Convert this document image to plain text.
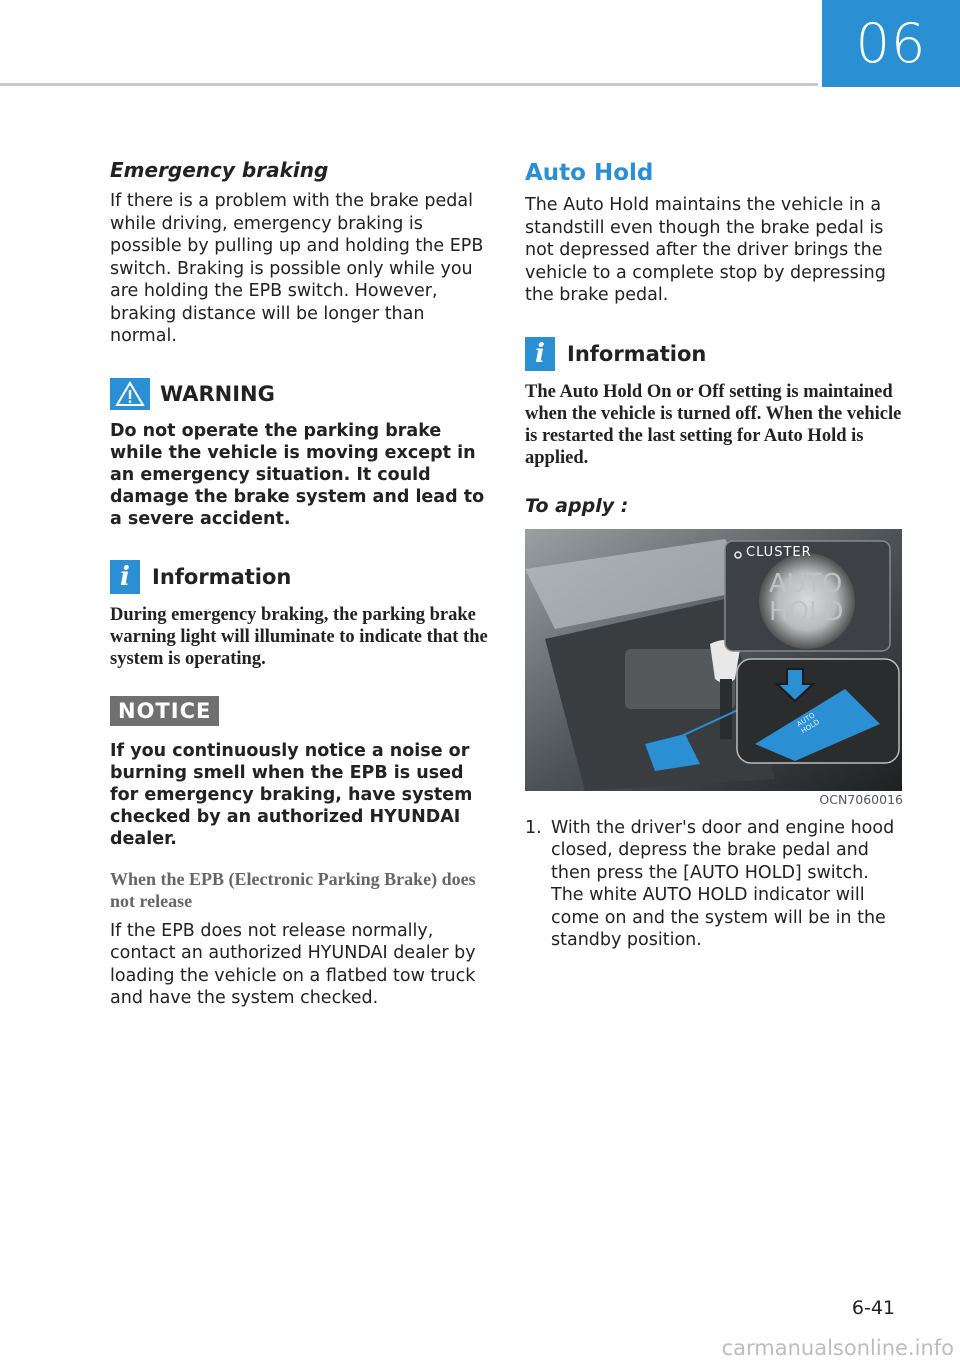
06
Emergency braking

If there is a problem with the brake pedal while driving, emergency braking is possible by pulling up and holding the EPB switch. Braking is possible only while you are holding the EPB switch. However, braking distance will be longer than normal.

WARNING

Do not operate the parking brake while the vehicle is moving except in an emergency situation. It could damage the brake system and lead to a severe accident.

i	Information

During emergency braking, the parking brake warning light will illuminate to indicate that the system is operating.

NOTICE

If you continuously notice a noise or burning smell when the EPB is used for emergency braking, have system checked by an authorized HYUNDAI dealer.

When the EPB (Electronic Parking Brake) does not release

If the EPB does not release normally, contact an authorized HYUNDAI dealer by loading the vehicle on a flatbed tow truck and have the system checked.

Auto Hold

The Auto Hold maintains the vehicle in a standstill even though the brake pedal is not depressed after the driver brings the vehicle to a complete stop by depressing the brake pedal.

i	Information

The Auto Hold On or Off setting is maintained when the vehicle is turned off. When the vehicle is restarted the last setting for Auto Hold is applied.

To apply :
CLUSTER
AUTO
HOLD
AUTO HOLD
OCN7060016
1. With the driver's door and engine hood closed, depress the brake pedal and then press the [AUTO HOLD] switch. The white AUTO HOLD indicator will come on and the system will be in the standby position.
6-41
carmanualsonline.info
